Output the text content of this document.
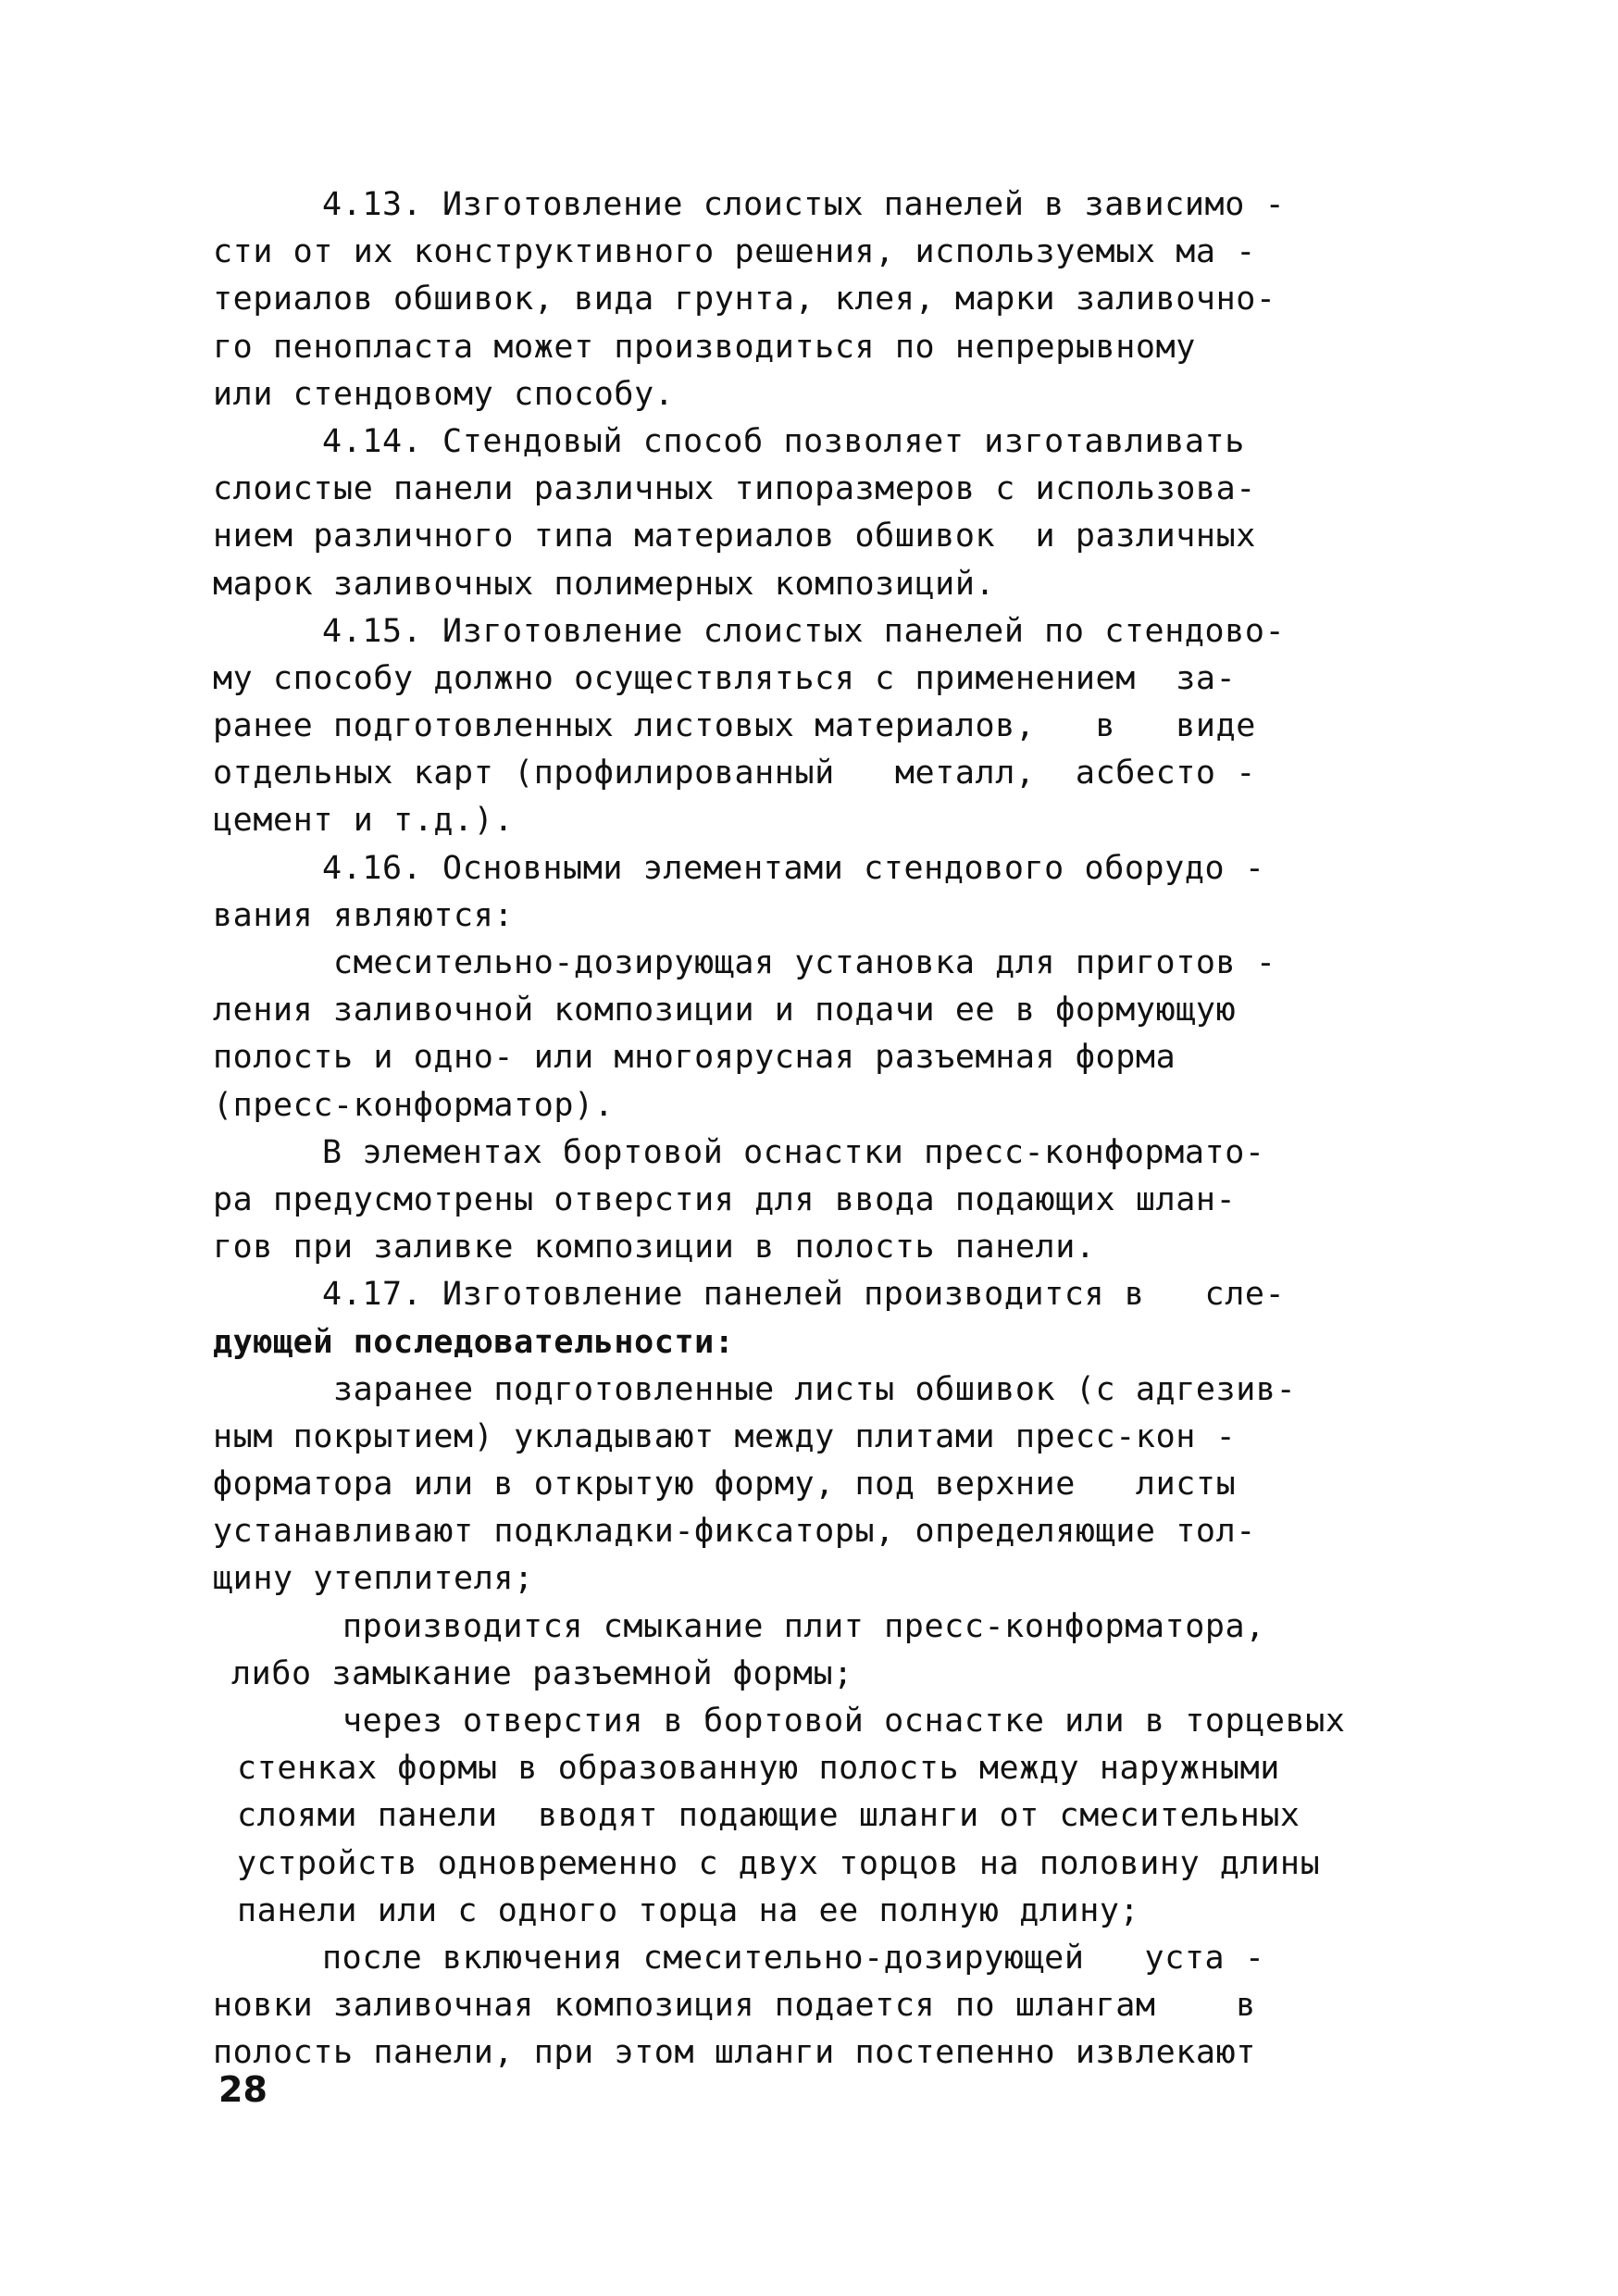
4.13. Изготовление слоистых панелей в зависимо -
сти от их конструктивного решения, используемых ма -
териалов обшивок, вида грунта, клея, марки заливочно-
го пенопласта может производиться по непрерывному
или стендовому способу.
4.14. Стендовый способ позволяет изготавливать
слоистые панели различных типоразмеров с использова-
нием различного типа материалов обшивок  и различных
марок заливочных полимерных композиций.
4.15. Изготовление слоистых панелей по стендово-
му способу должно осуществляться с применением  за-
ранее подготовленных листовых материалов,   в   виде
отдельных карт (профилированный   металл,  асбесто -
цемент и т.д.).
4.16. Основными элементами стендового оборудо -
вания являются:
смесительно-дозирующая установка для приготов -
ления заливочной композиции и подачи ее в формующую
полость и одно- или многоярусная разъемная форма
(пресс-конформатор).
В элементах бортовой оснастки пресс-конформато-
ра предусмотрены отверстия для ввода подающих шлан-
гов при заливке композиции в полость панели.
4.17. Изготовление панелей производится в   сле-
дующей последовательности:
заранее подготовленные листы обшивок (с адгезив-
ным покрытием) укладывают между плитами пресс-кон -
форматора или в открытую форму, под верхние   листы
устанавливают подкладки-фиксаторы, определяющие тол-
щину утеплителя;
производится смыкание плит пресс-конформатора,
либо замыкание разъемной формы;
через отверстия в бортовой оснастке или в торцевых
стенках формы в образованную полость между наружными
слоями панели  вводят подающие шланги от смесительных
устройств одновременно с двух торцов на половину длины
панели или с одного торца на ее полную длину;
после включения смесительно-дозирующей   уста -
новки заливочная композиция подается по шлангам    в
полость панели, при этом шланги постепенно извлекают
28
